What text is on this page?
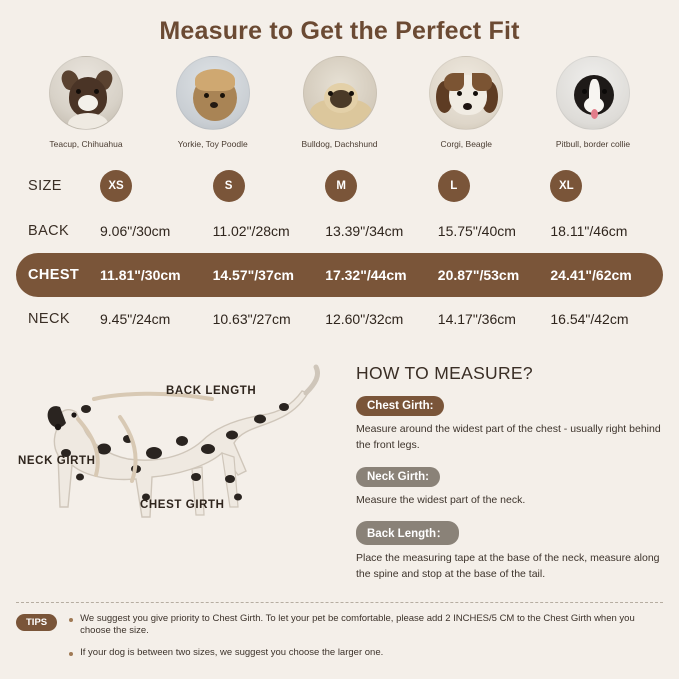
Measure to Get the Perfect Fit
Teacup, Chihuahua	Yorkie, Toy Poodle	Bulldog, Dachshund	Corgi, Beagle	Pitbull, border collie
SIZE	XS	S	M	L	XL
BACK	9.06"/30cm	11.02"/28cm	13.39"/34cm	15.75"/40cm	18.11"/46cm
CHEST	11.81"/30cm	14.57"/37cm	17.32"/44cm	20.87"/53cm	24.41"/62cm
NECK	9.45"/24cm	10.63"/27cm	12.60"/32cm	14.17"/36cm	16.54"/42cm
BACK LENGTH
NECK GIRTH
CHEST GIRTH
HOW TO MEASURE?
Chest Girth:

Measure around the widest part of the chest - usually right behind the front legs.

Neck Girth:

Measure the widest part of the neck.

Back Length：

Place the measuring tape at the base of the neck, measure along the spine and stop at the base of the tail.

TIPS	We suggest you give priority to Chest Girth. To let your pet be comfortable, please add 2 INCHES/5 CM to the Chest Girth when you choose the size.
If your dog is between two sizes, we suggest you choose the larger one.
